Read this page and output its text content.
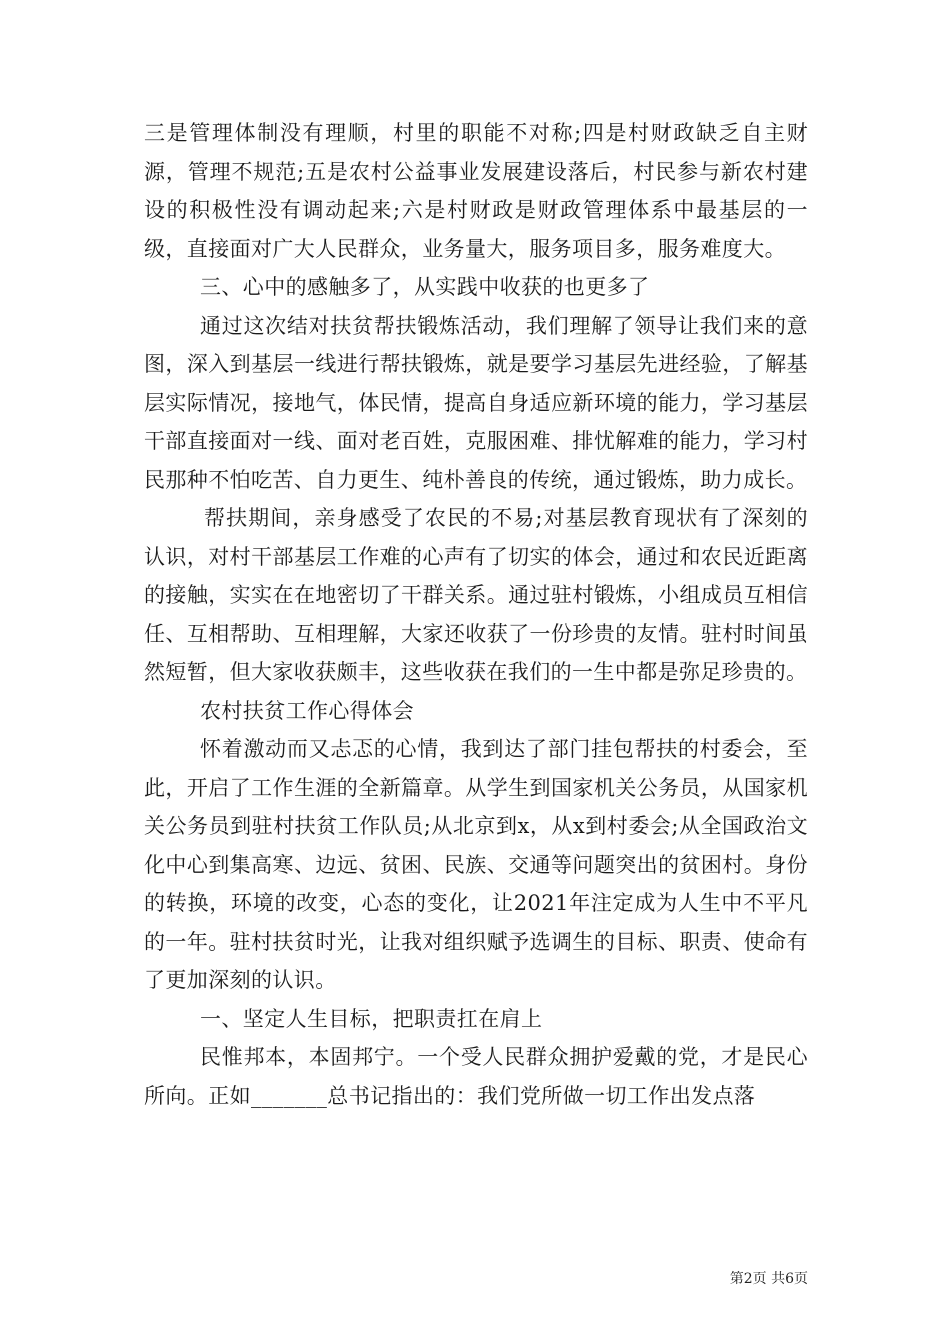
三是管理体制没有理顺，村里的职能不对称;四是村财政缺乏自主财源，管理不规范;五是农村公益事业发展建设落后，村民参与新农村建设的积极性没有调动起来;六是村财政是财政管理体系中最基层的一级，直接面对广大人民群众，业务量大，服务项目多，服务难度大。

三、心中的感触多了，从实践中收获的也更多了

通过这次结对扶贫帮扶锻炼活动，我们理解了领导让我们来的意图，深入到基层一线进行帮扶锻炼，就是要学习基层先进经验，了解基层实际情况，接地气，体民情，提高自身适应新环境的能力，学习基层干部直接面对一线、面对老百姓，克服困难、排忧解难的能力，学习村民那种不怕吃苦、自力更生、纯朴善良的传统，通过锻炼，助力成长。

帮扶期间，亲身感受了农民的不易;对基层教育现状有了深刻的认识，对村干部基层工作难的心声有了切实的体会，通过和农民近距离的接触，实实在在地密切了干群关系。通过驻村锻炼，小组成员互相信任、互相帮助、互相理解，大家还收获了一份珍贵的友情。驻村时间虽然短暂，但大家收获颇丰，这些收获在我们的一生中都是弥足珍贵的。

农村扶贫工作心得体会

怀着激动而又忐忑的心情，我到达了部门挂包帮扶的村委会，至此，开启了工作生涯的全新篇章。从学生到国家机关公务员，从国家机关公务员到驻村扶贫工作队员;从北京到x，从x到村委会;从全国政治文化中心到集高寒、边远、贫困、民族、交通等问题突出的贫困村。身份的转换，环境的改变，心态的变化，让2021年注定成为人生中不平凡的一年。驻村扶贫时光，让我对组织赋予选调生的目标、职责、使命有了更加深刻的认识。

一、坚定人生目标，把职责扛在肩上

民惟邦本，本固邦宁。一个受人民群众拥护爱戴的党，才是民心所向。正如_______总书记指出的：我们党所做一切工作出发点落

第2页 共6页
